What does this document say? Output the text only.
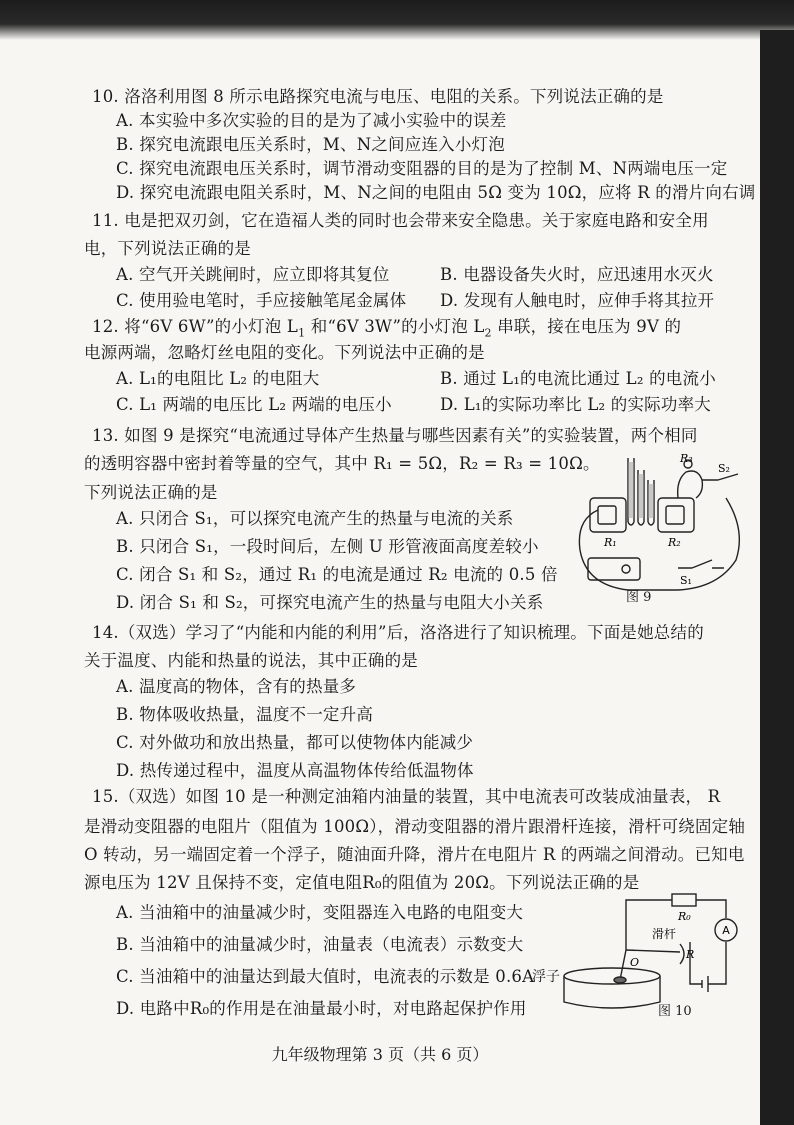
10. 洛洛利用图 8 所示电路探究电流与电压、电阻的关系。下列说法正确的是
A. 本实验中多次实验的目的是为了减小实验中的误差
B. 探究电流跟电压关系时，M、N之间应连入小灯泡
C. 探究电流跟电压关系时，调节滑动变阻器的目的是为了控制 M、N两端电压一定
D. 探究电流跟电阻关系时，M、N之间的电阻由 5Ω 变为 10Ω，应将 R 的滑片向右调
11. 电是把双刃剑，它在造福人类的同时也会带来安全隐患。关于家庭电路和安全用
电，下列说法正确的是
A. 空气开关跳闸时，应立即将其复位	B. 电器设备失火时，应迅速用水灭火
C. 使用验电笔时，手应接触笔尾金属体 D. 发现有人触电时，应伸手将其拉开
12. 将“6V 6W”的小灯泡 $L_1$ 和“6V 3W”的小灯泡 $L_2$ 串联，接在电压为 9V 的
电源两端，忽略灯丝电阻的变化。下列说法中正确的是
A. L₁的电阻比 L₂ 的电阻大	B. 通过 L₁的电流比通过 L₂ 的电流小
C. L₁ 两端的电压比 L₂ 两端的电压小	D. L₁的实际功率比 L₂ 的实际功率大
13. 如图 9 是探究“电流通过导体产生热量与哪些因素有关”的实验装置，两个相同
的透明容器中密封着等量的空气，其中 R₁ = 5Ω，R₂ = R₃ = 10Ω。
下列说法正确的是
A. 只闭合 S₁，可以探究电流产生的热量与电流的关系
B. 只闭合 S₁，一段时间后，左侧 U 形管液面高度差较小
C. 闭合 S₁ 和 S₂，通过 R₁ 的电流是通过 R₂ 电流的 0.5 倍
D. 闭合 S₁ 和 S₂，可探究电流产生的热量与电阻大小关系
R₃
S₂
R₁	R₂
S₁
图 9
14.（双选）学习了“内能和内能的利用”后，洛洛进行了知识梳理。下面是她总结的
关于温度、内能和热量的说法，其中正确的是
A. 温度高的物体，含有的热量多
B. 物体吸收热量，温度不一定升高
C. 对外做功和放出热量，都可以使物体内能减少
D. 热传递过程中，温度从高温物体传给低温物体
15.（双选）如图 10 是一种测定油箱内油量的装置，其中电流表可改装成油量表， R
是滑动变阻器的电阻片（阻值为 100Ω），滑动变阻器的滑片跟滑杆连接，滑杆可绕固定轴
O 转动，另一端固定着一个浮子，随油面升降，滑片在电阻片 R 的两端之间滑动。已知电
源电压为 12V 且保持不变，定值电阻R₀的阻值为 20Ω。下列说法正确的是
A. 当油箱中的油量减少时，变阻器连入电路的电阻变大
B. 当油箱中的油量减少时，油量表（电流表）示数变大
C. 当油箱中的油量达到最大值时，电流表的示数是 0.6A
D. 电路中R₀的作用是在油量最小时，对电路起保护作用
A
R₀
滑杆
R
O
浮子
图 10
九年级物理第 3 页（共 6 页）
